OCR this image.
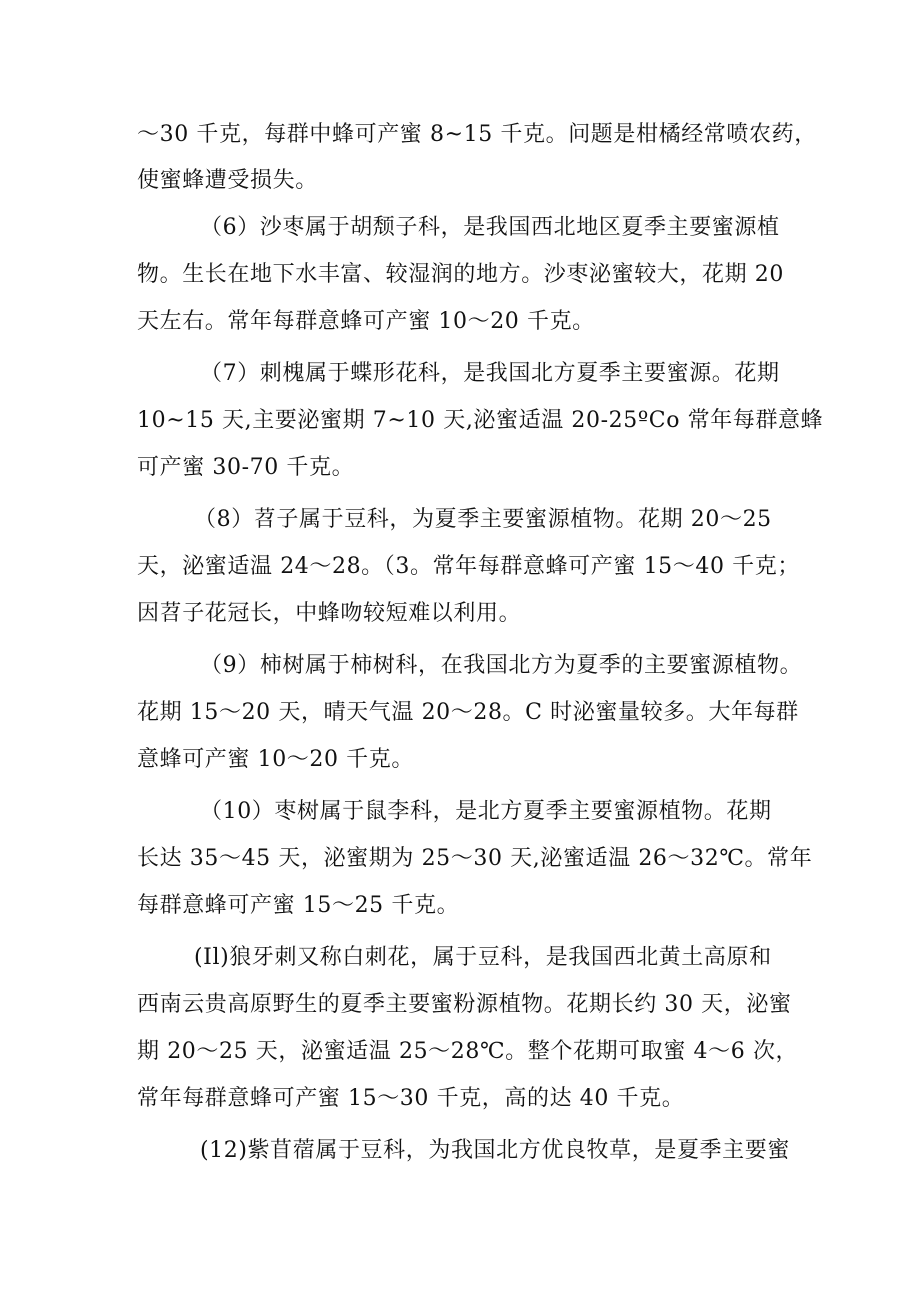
～30 千克，每群中蜂可产蜜 8~15 千克。问题是柑橘经常喷农药，
使蜜蜂遭受损失。
（6）沙枣属于胡颓子科，是我国西北地区夏季主要蜜源植
物。生长在地下水丰富、较湿润的地方。沙枣泌蜜较大，花期 20
天左右。常年每群意蜂可产蜜 10～20 千克。
（7）刺槐属于蝶形花科，是我国北方夏季主要蜜源。花期
10~15 天,主要泌蜜期 7~10 天,泌蜜适温 20-25ºCo 常年每群意蜂
可产蜜 30-70 千克。
（8）苕子属于豆科，为夏季主要蜜源植物。花期 20～25
天，泌蜜适温 24～28。（3。常年每群意蜂可产蜜 15～40 千克；
因苕子花冠长，中蜂吻较短难以利用。
（9）柿树属于柿树科，在我国北方为夏季的主要蜜源植物。
花期 15～20 天，晴天气温 20～28。C 时泌蜜量较多。大年每群
意蜂可产蜜 10～20 千克。
（10）枣树属于鼠李科，是北方夏季主要蜜源植物。花期
长达 35～45 天，泌蜜期为 25～30 天,泌蜜适温 26～32℃。常年
每群意蜂可产蜜 15～25 千克。
(Il)狼牙刺又称白刺花，属于豆科，是我国西北黄土高原和
西南云贵高原野生的夏季主要蜜粉源植物。花期长约 30 天，泌蜜
期 20～25 天，泌蜜适温 25～28℃。整个花期可取蜜 4～6 次，
常年每群意蜂可产蜜 15～30 千克，高的达 40 千克。
(12)紫苜蓿属于豆科，为我国北方优良牧草，是夏季主要蜜
